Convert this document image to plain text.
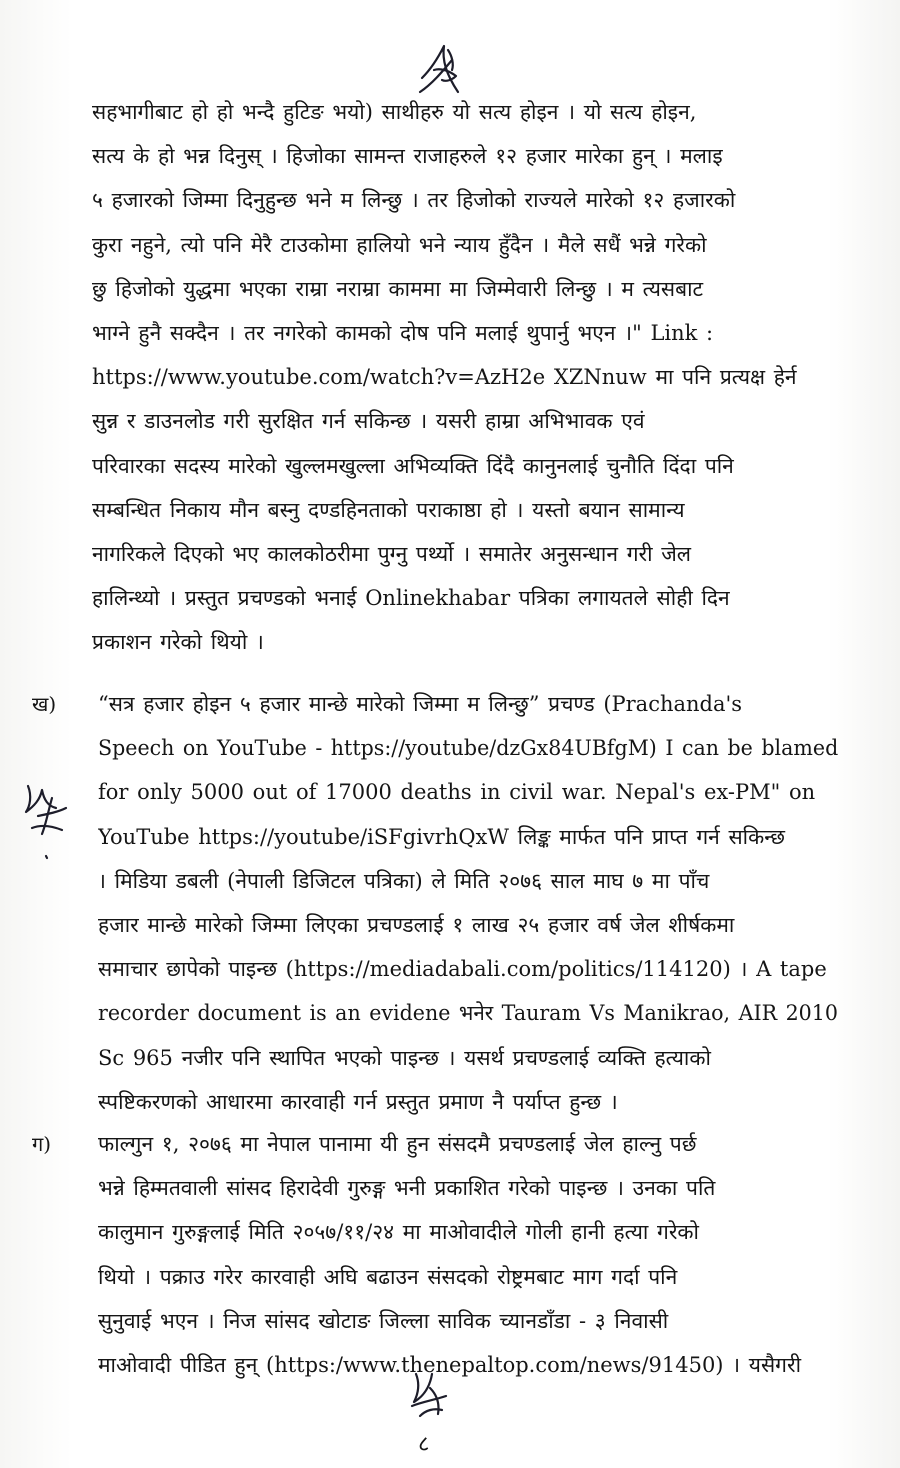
सहभागीबाट हो हो भन्दै हुटिङ भयो) साथीहरु यो सत्य होइन । यो सत्य होइन,
सत्य के हो भन्न दिनुस् । हिजोका सामन्त राजाहरुले १२ हजार मारेका हुन् । मलाइ
५ हजारको जिम्मा दिनुहुन्छ भने म लिन्छु । तर हिजोको राज्यले मारेको १२ हजारको
कुरा नहुने, त्यो पनि मेरै टाउकोमा हालियो भने न्याय हुँदैन । मैले सधैं भन्ने गरेको
छु हिजोको युद्धमा भएका राम्रा नराम्रा काममा मा जिम्मेवारी लिन्छु । म त्यसबाट
भाग्ने हुनै सक्दैन । तर नगरेको कामको दोष पनि मलाई थुपार्नु भएन ।" Link :
https://www.youtube.com/watch?v=AzH2e XZNnuw मा पनि प्रत्यक्ष हेर्न
सुन्न र डाउनलोड गरी सुरक्षित गर्न सकिन्छ । यसरी हाम्रा अभिभावक एवं
परिवारका सदस्य मारेको खुल्लमखुल्ला अभिव्यक्ति दिंदै कानुनलाई चुनौति दिंदा पनि
सम्बन्धित निकाय मौन बस्नु दण्डहिनताको पराकाष्ठा हो । यस्तो बयान सामान्य
नागरिकले दिएको भए कालकोठरीमा पुग्नु पर्थ्यो । समातेर अनुसन्धान गरी जेल
हालिन्थ्यो । प्रस्तुत प्रचण्डको भनाई Onlinekhabar पत्रिका लगायतले सोही दिन
प्रकाशन गरेको थियो ।
ख) “सत्र हजार होइन ५ हजार मान्छे मारेको जिम्मा म लिन्छु” प्रचण्ड (Prachanda's
Speech on YouTube - https://youtube/dzGx84UBfgM) I can be blamed
for only 5000 out of 17000 deaths in civil war. Nepal's ex-PM" on
YouTube https://youtube/iSFgivrhQxW लिङ्क मार्फत पनि प्राप्त गर्न सकिन्छ
। मिडिया डबली (नेपाली डिजिटल पत्रिका) ले मिति २०७६ साल माघ ७ मा पाँच
हजार मान्छे मारेको जिम्मा लिएका प्रचण्डलाई १ लाख २५ हजार वर्ष जेल शीर्षकमा
समाचार छापेको पाइन्छ (https://mediadabali.com/politics/114120) । A tape
recorder document is an evidene भनेर Tauram Vs Manikrao, AIR 2010
Sc 965 नजीर पनि स्थापित भएको पाइन्छ । यसर्थ प्रचण्डलाई व्यक्ति हत्याको
स्पष्टिकरणको आधारमा कारवाही गर्न प्रस्तुत प्रमाण नै पर्याप्त हुन्छ ।
ग) फाल्गुन १, २०७६ मा नेपाल पानामा यी हुन संसदमै प्रचण्डलाई जेल हाल्नु पर्छ
भन्ने हिम्मतवाली सांसद हिरादेवी गुरुङ्ग भनी प्रकाशित गरेको पाइन्छ । उनका पति
कालुमान गुरुङ्गलाई मिति २०५७/११/२४ मा माओवादीले गोली हानी हत्या गरेको
थियो । पक्राउ गरेर कारवाही अघि बढाउन संसदको रोष्ट्रमबाट माग गर्दा पनि
सुनुवाई भएन । निज सांसद खोटाङ जिल्ला साविक च्यानडाँडा - ३ निवासी
माओवादी पीडित हुन् (https:/www.thenepaltop.com/news/91450) । यसैगरी
८
